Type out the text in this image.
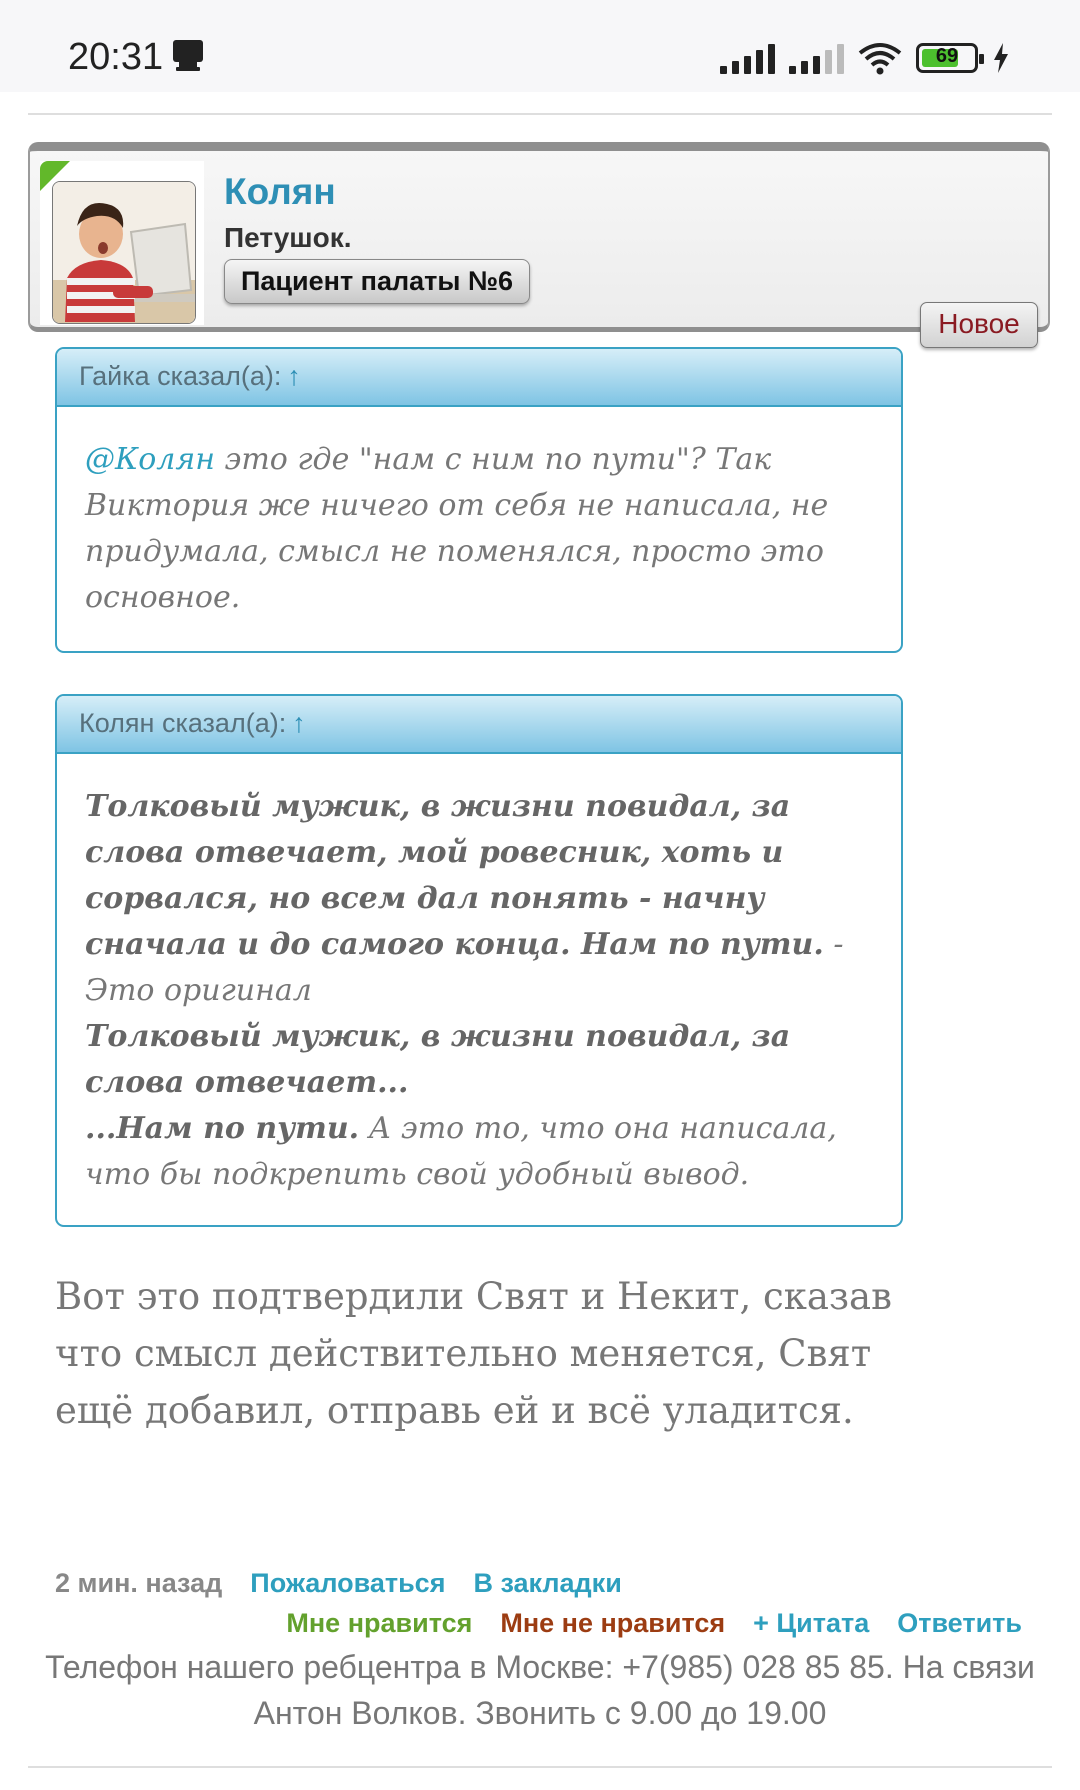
20:31	69
Колян
Петушок.
Пациент палаты №6
Новое
Гайка сказал(а): ↑
@Колян это где "нам с ним по пути"? Так Виктория же ничего от себя не написала, не придумала, смысл не поменялся, просто это основное.
Колян сказал(а): ↑
Толковый мужик, в жизни повидал, за слова отвечает, мой ровесник, хоть и сорвался, но всем дал понять - начну сначала и до самого конца. Нам по пути. - Это оригинал
Толковый мужик, в жизни повидал, за слова отвечает...
...Нам по пути. А это то, что она написала, что бы подкрепить свой удобный вывод.
Вот это подтвердили Свят и Некит, сказав что смысл действительно меняется, Свят ещё добавил, отправь ей и всё уладится.
2 мин. назад Пожаловаться В закладки
Мне нравится Мне не нравится + Цитата Ответить
Телефон нашего ребцентра в Москве: +7(985) 028 85 85. На связи Антон Волков. Звонить с 9.00 до 19.00
